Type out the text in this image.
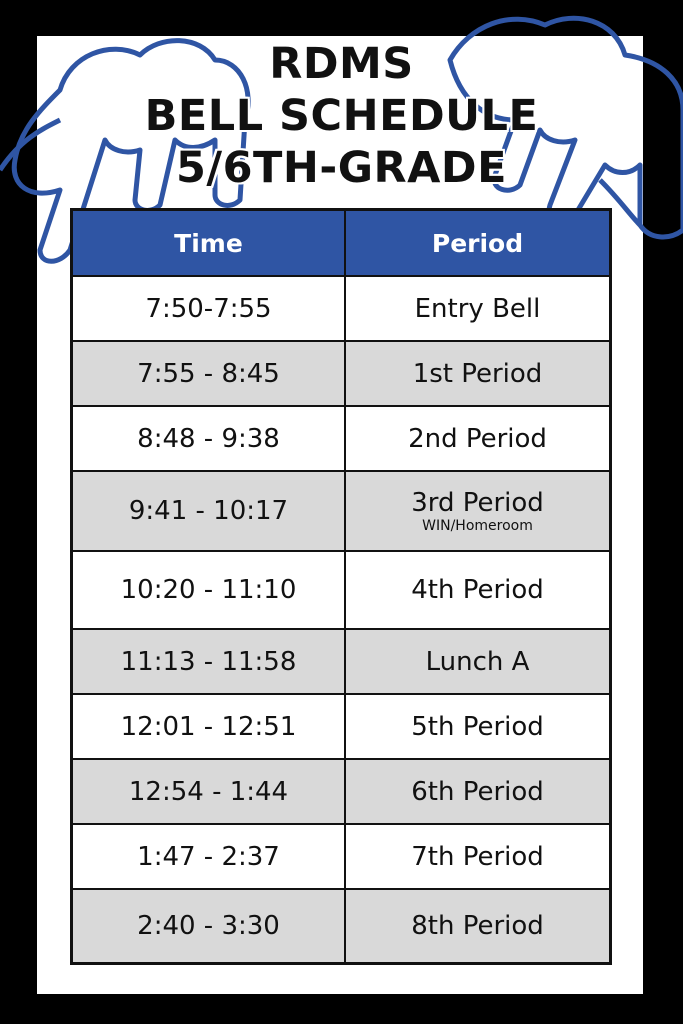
RDMS
BELL SCHEDULE
5/6TH-GRADE
Time	Period
7:50-7:55	Entry Bell
7:55 - 8:45	1st Period
8:48 - 9:38	2nd Period
9:41 - 10:17	3rd Period
WIN/Homeroom

10:20 - 11:10	4th Period
11:13 - 11:58	Lunch A
12:01 - 12:51	5th Period
12:54 - 1:44	6th Period
1:47 - 2:37	7th Period
2:40 - 3:30	8th Period
